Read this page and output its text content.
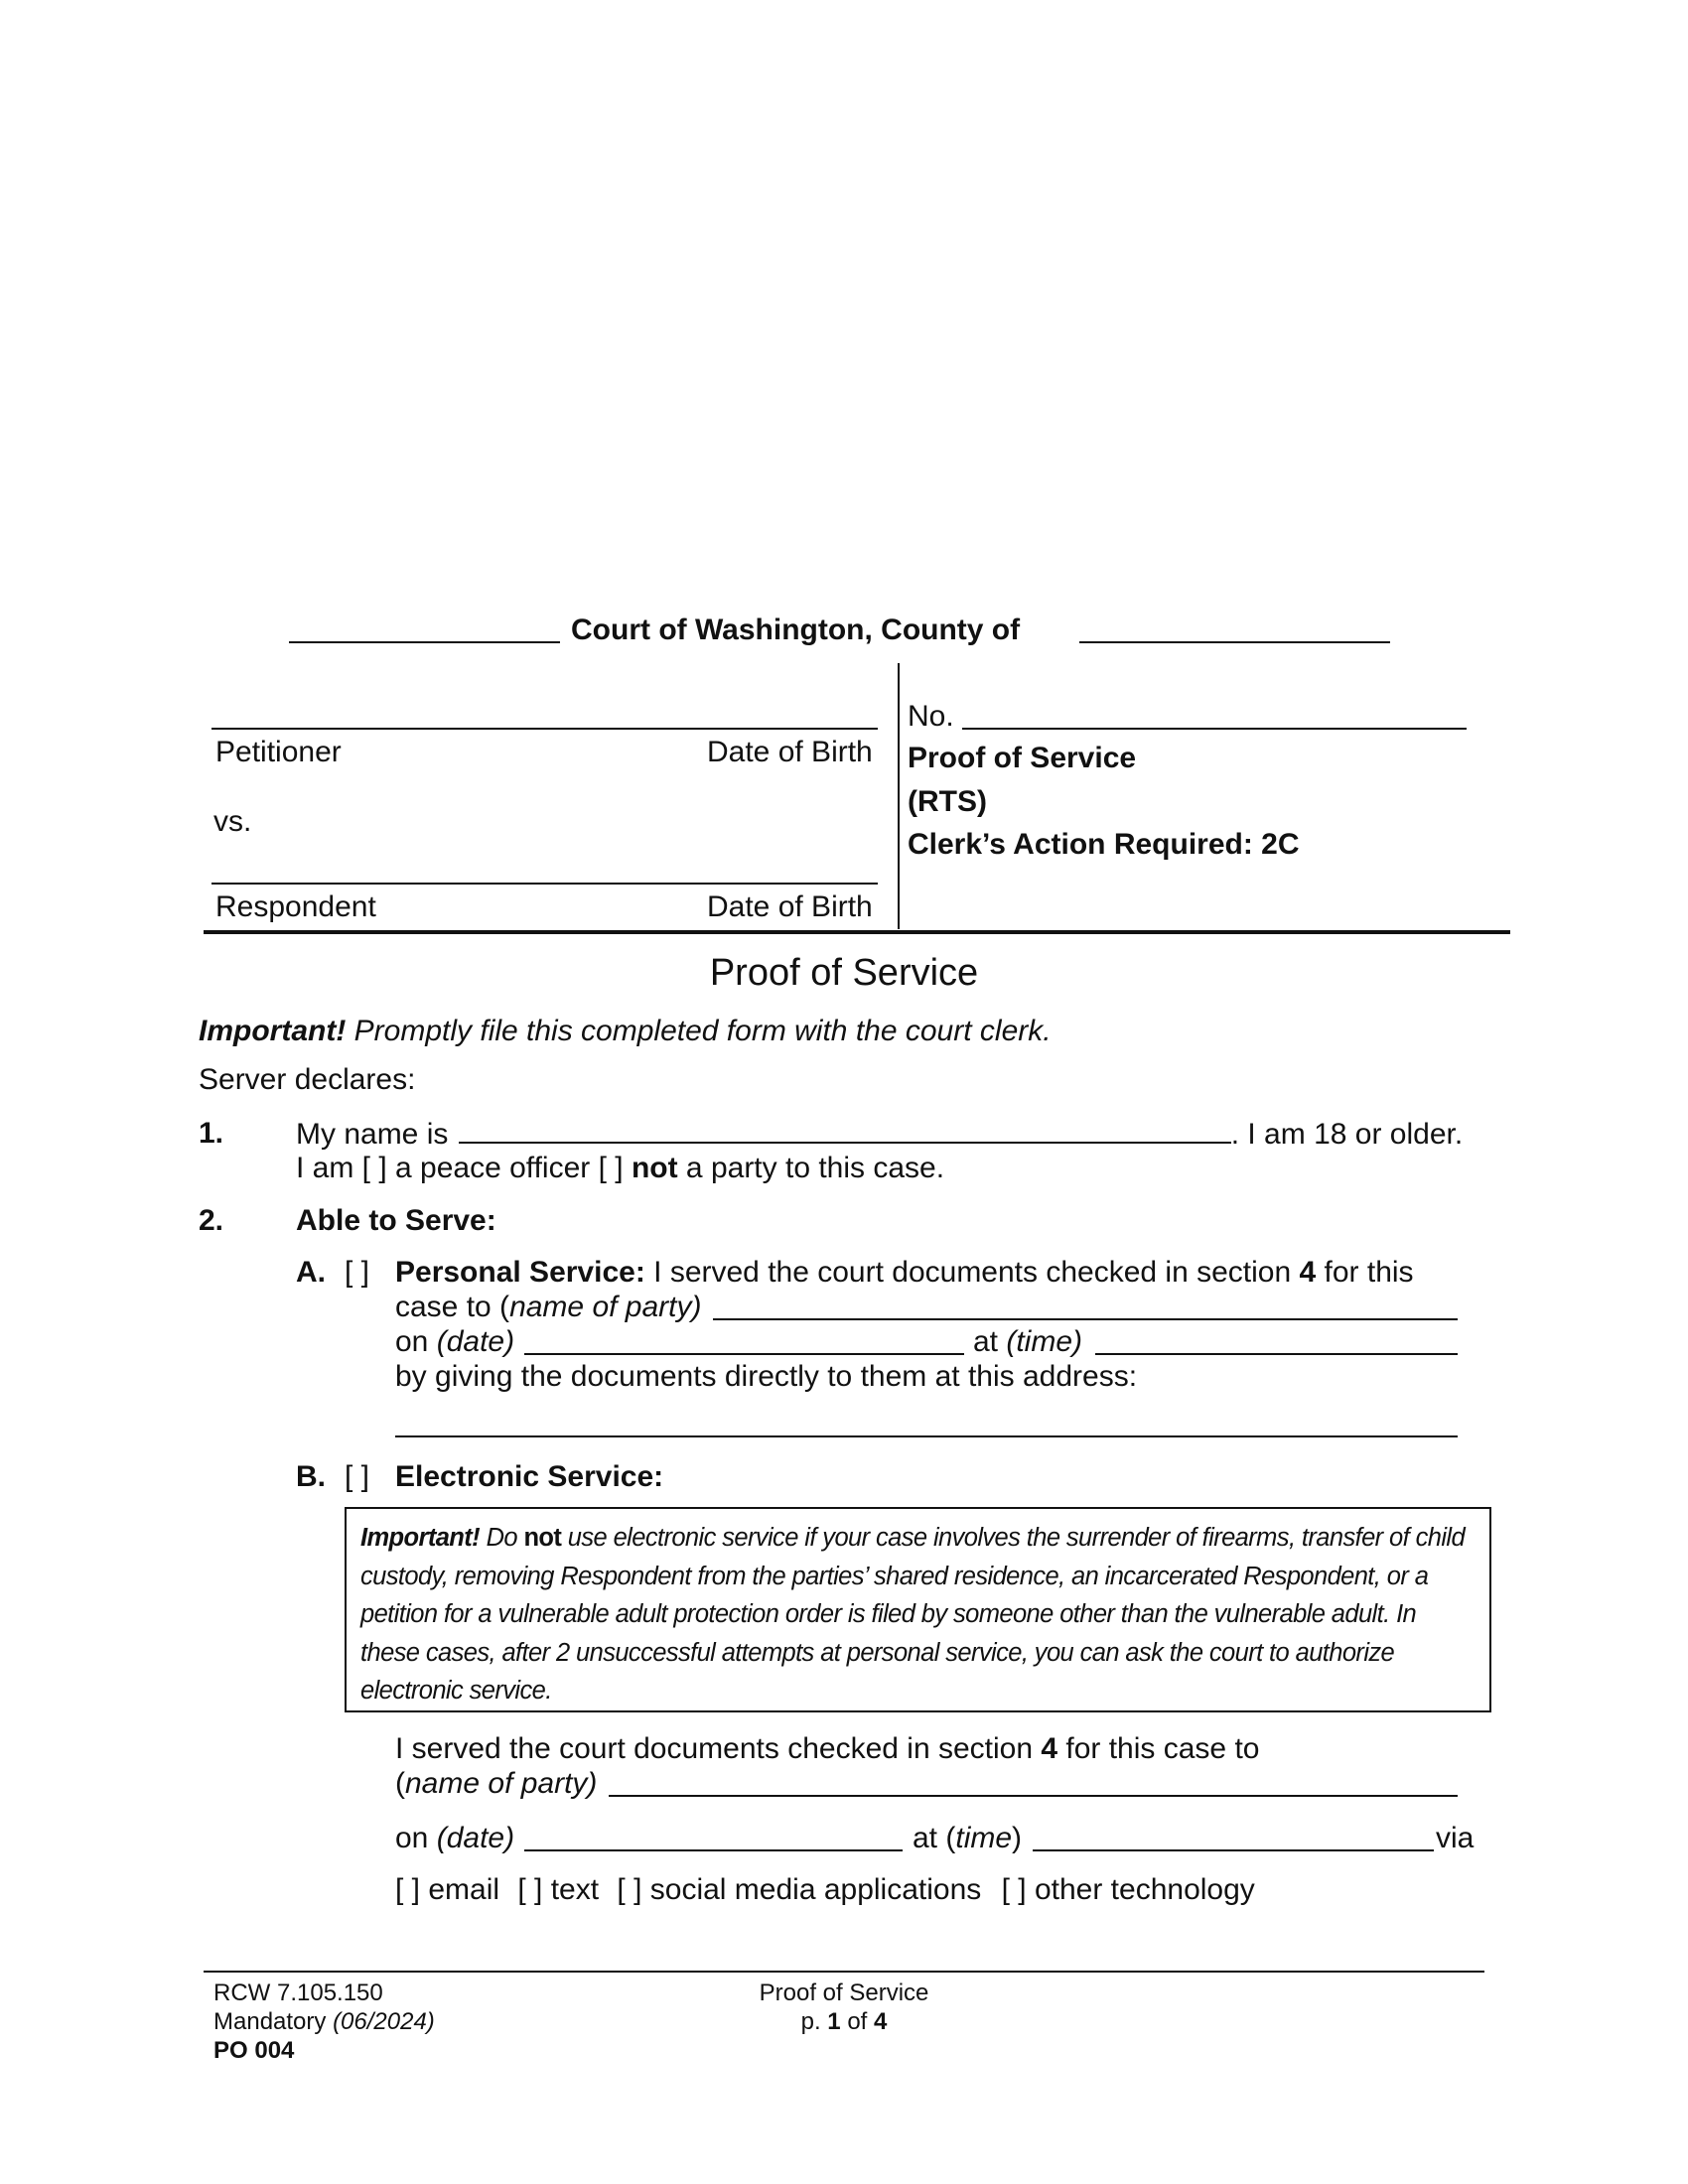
Court of Washington, County of
Petitioner	Date of Birth
vs.
Respondent	Date of Birth
No.
Proof of Service
(RTS)
Clerk’s Action Required: 2C
Proof of Service
Important! Promptly file this completed form with the court clerk.
Server declares:
1. My name is	. I am 18 or older.
I am [ ] a peace officer [ ] not a party to this case.
2. Able to Serve:
A. [ ] Personal Service: I served the court documents checked in section 4 for this
case to (name of party)
on (date)	at (time)
by giving the documents directly to them at this address:
B. [ ] Electronic Service:
Important! Do not use electronic service if your case involves the surrender of firearms, transfer of child custody, removing Respondent from the parties’ shared residence, an incarcerated Respondent, or a petition for a vulnerable adult protection order is filed by someone other than the vulnerable adult. In these cases, after 2 unsuccessful attempts at personal service, you can ask the court to authorize electronic service.
I served the court documents checked in section 4 for this case to
(name of party)
on (date)	at (time)	via
[ ] email [ ] text [ ] social media applications [ ] other technology
RCW 7.105.150
Mandatory (06/2024)
PO 004
Proof of Service
p. 1 of 4
